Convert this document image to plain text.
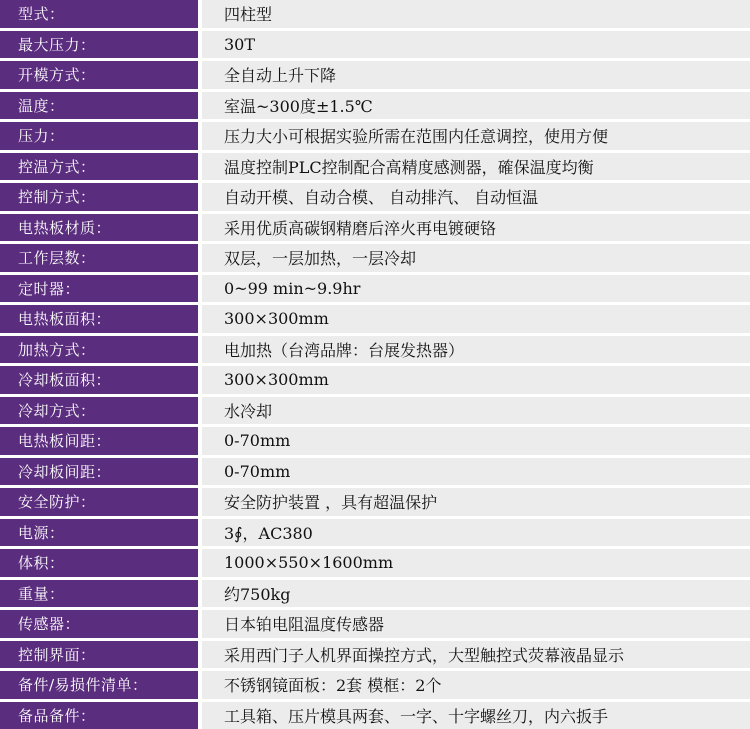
型式：	四柱型
最大压力：	30T
开模方式：	全自动上升下降
温度：	室温~300度±1.5℃
压力：	压力大小可根据实验所需在范围内任意调控，使用方便
控温方式：	温度控制PLC控制配合高精度感测器，確保温度均衡
控制方式：	自动开模、自动合模、 自动排汽、 自动恒温
电热板材质：	采用优质高碳钢精磨后淬火再电镀硬铬
工作层数：	双层，一层加热，一层冷却
定时器：	0~99 min~9.9hr
电热板面积：	300×300mm
加热方式：	电加热（台湾品牌：台展发热器）
冷却板面积：	300×300mm
冷却方式：	水冷却
电热板间距：	0-70mm
冷却板间距：	0-70mm
安全防护：	安全防护装置 ，具有超温保护
电源：	3∮，AC380
体积：	1000×550×1600mm
重量：	约750kg
传感器：	日本铂电阻温度传感器
控制界面：	采用西门子人机界面操控方式，大型触控式荧幕液晶显示
备件/易损件清单：	不锈钢镜面板：2套 模框：2个
备品备件：	工具箱、压片模具两套、一字、十字螺丝刀，内六扳手
